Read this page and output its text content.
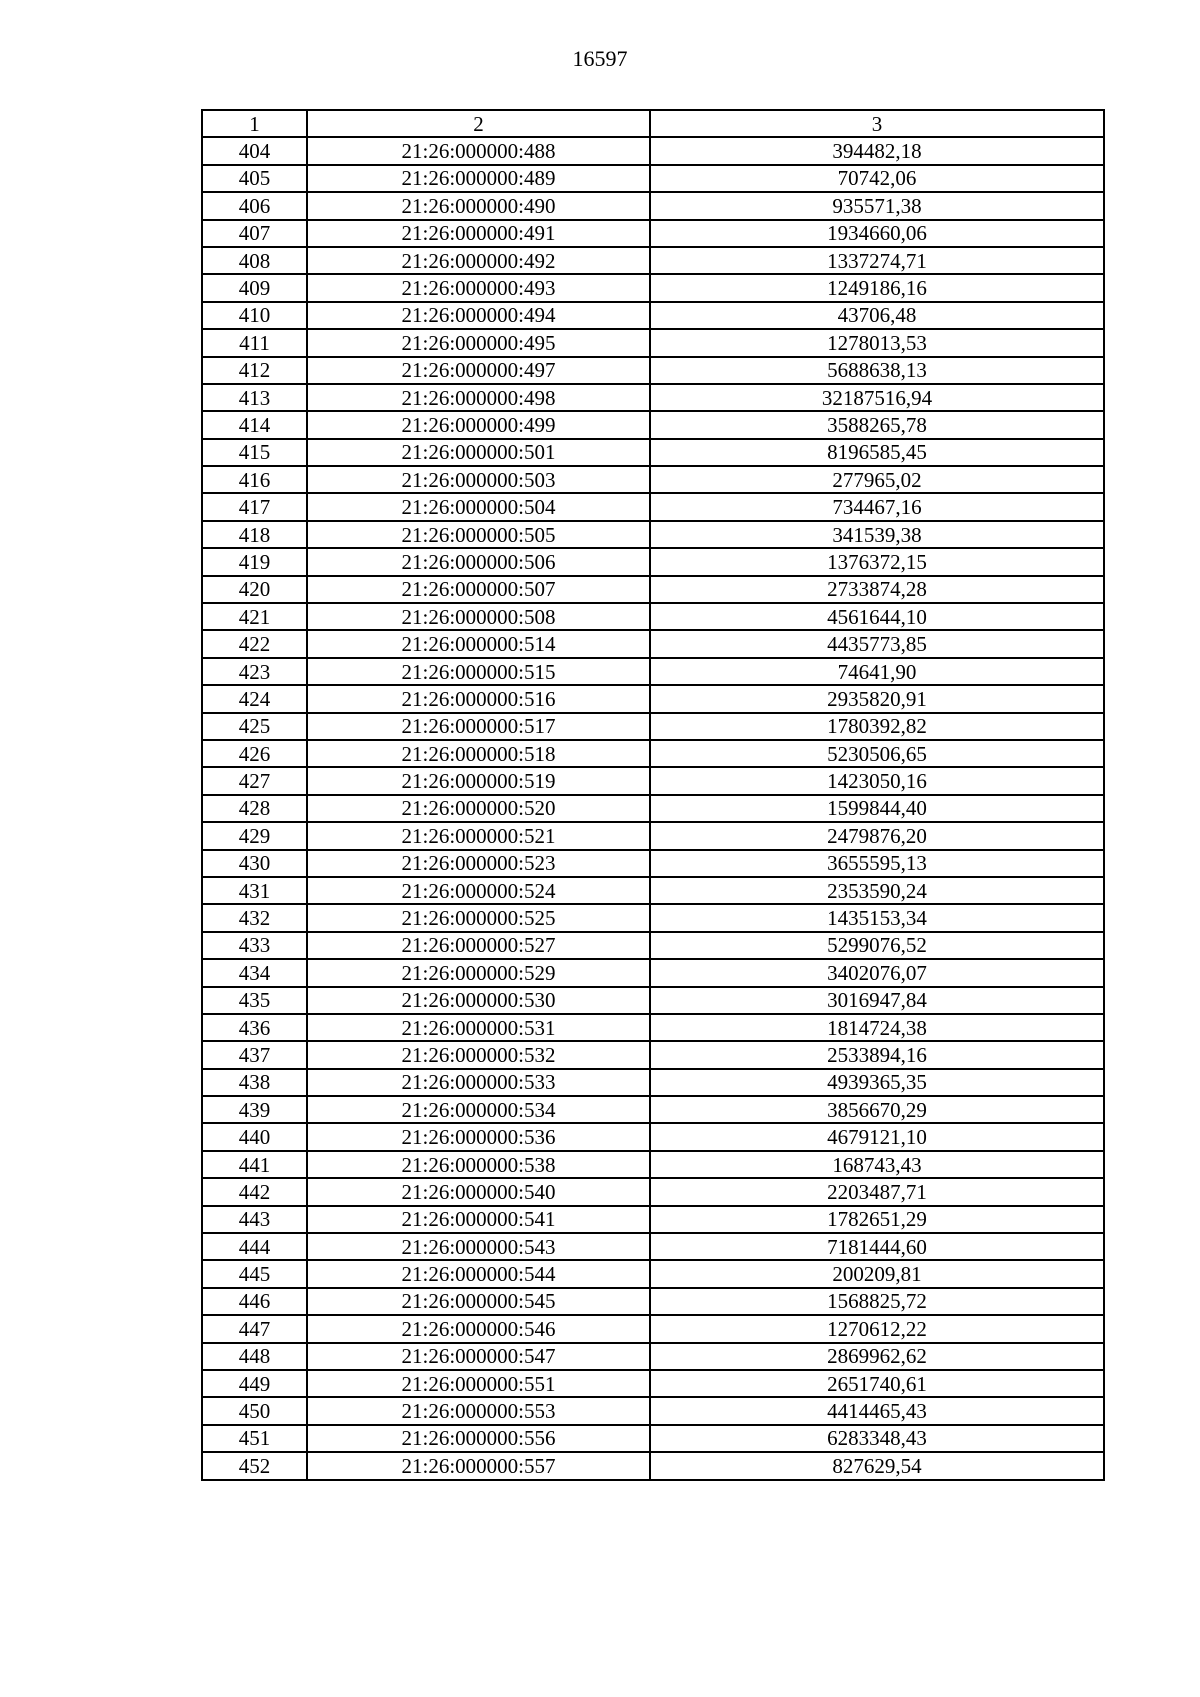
16597
1	2	3
404	21:26:000000:488	394482,18
405	21:26:000000:489	70742,06
406	21:26:000000:490	935571,38
407	21:26:000000:491	1934660,06
408	21:26:000000:492	1337274,71
409	21:26:000000:493	1249186,16
410	21:26:000000:494	43706,48
411	21:26:000000:495	1278013,53
412	21:26:000000:497	5688638,13
413	21:26:000000:498	32187516,94
414	21:26:000000:499	3588265,78
415	21:26:000000:501	8196585,45
416	21:26:000000:503	277965,02
417	21:26:000000:504	734467,16
418	21:26:000000:505	341539,38
419	21:26:000000:506	1376372,15
420	21:26:000000:507	2733874,28
421	21:26:000000:508	4561644,10
422	21:26:000000:514	4435773,85
423	21:26:000000:515	74641,90
424	21:26:000000:516	2935820,91
425	21:26:000000:517	1780392,82
426	21:26:000000:518	5230506,65
427	21:26:000000:519	1423050,16
428	21:26:000000:520	1599844,40
429	21:26:000000:521	2479876,20
430	21:26:000000:523	3655595,13
431	21:26:000000:524	2353590,24
432	21:26:000000:525	1435153,34
433	21:26:000000:527	5299076,52
434	21:26:000000:529	3402076,07
435	21:26:000000:530	3016947,84
436	21:26:000000:531	1814724,38
437	21:26:000000:532	2533894,16
438	21:26:000000:533	4939365,35
439	21:26:000000:534	3856670,29
440	21:26:000000:536	4679121,10
441	21:26:000000:538	168743,43
442	21:26:000000:540	2203487,71
443	21:26:000000:541	1782651,29
444	21:26:000000:543	7181444,60
445	21:26:000000:544	200209,81
446	21:26:000000:545	1568825,72
447	21:26:000000:546	1270612,22
448	21:26:000000:547	2869962,62
449	21:26:000000:551	2651740,61
450	21:26:000000:553	4414465,43
451	21:26:000000:556	6283348,43
452	21:26:000000:557	827629,54
